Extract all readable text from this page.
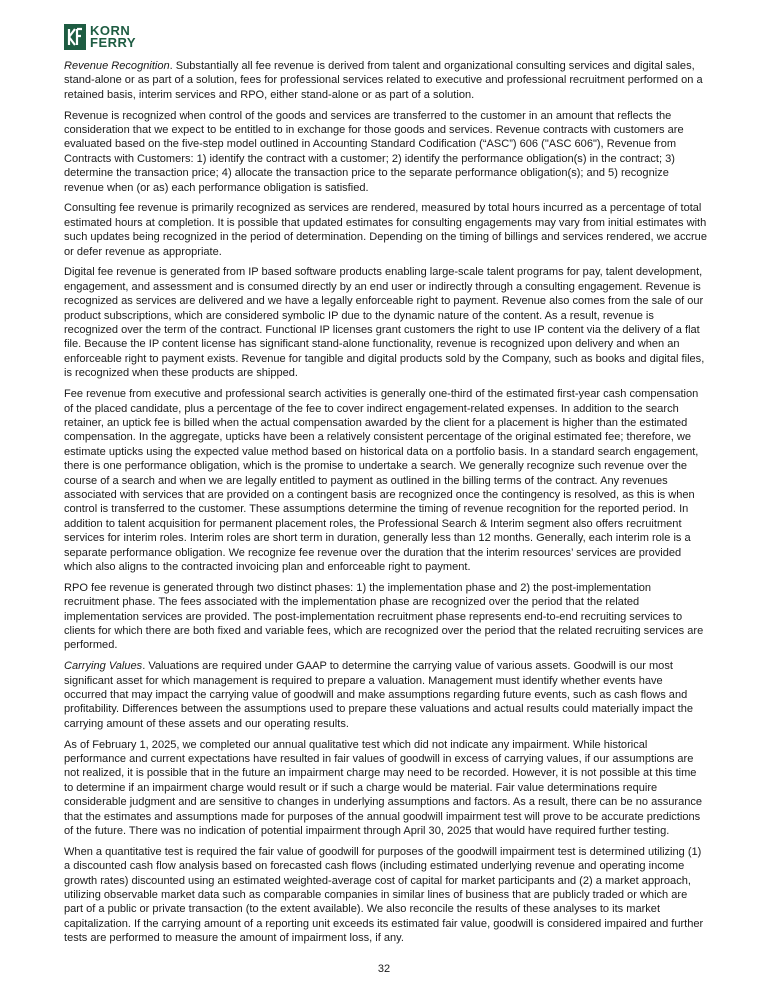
KORN
FERRY

Revenue Recognition. Substantially all fee revenue is derived from talent and organizational consulting services and digital sales, stand-alone or as part of a solution, fees for professional services related to executive and professional recruitment performed on a retained basis, interim services and RPO, either stand-alone or as part of a solution.

Revenue is recognized when control of the goods and services are transferred to the customer in an amount that reflects the consideration that we expect to be entitled to in exchange for those goods and services. Revenue contracts with customers are evaluated based on the five-step model outlined in Accounting Standard Codification (“ASC”) 606 ("ASC 606"), Revenue from Contracts with Customers: 1) identify the contract with a customer; 2) identify the performance obligation(s) in the contract; 3) determine the transaction price; 4) allocate the transaction price to the separate performance obligation(s); and 5) recognize revenue when (or as) each performance obligation is satisfied.

Consulting fee revenue is primarily recognized as services are rendered, measured by total hours incurred as a percentage of total estimated hours at completion. It is possible that updated estimates for consulting engagements may vary from initial estimates with such updates being recognized in the period of determination. Depending on the timing of billings and services rendered, we accrue or defer revenue as appropriate.

Digital fee revenue is generated from IP based software products enabling large-scale talent programs for pay, talent development, engagement, and assessment and is consumed directly by an end user or indirectly through a consulting engagement. Revenue is recognized as services are delivered and we have a legally enforceable right to payment. Revenue also comes from the sale of our product subscriptions, which are considered symbolic IP due to the dynamic nature of the content. As a result, revenue is recognized over the term of the contract. Functional IP licenses grant customers the right to use IP content via the delivery of a flat file. Because the IP content license has significant stand-alone functionality, revenue is recognized upon delivery and when an enforceable right to payment exists. Revenue for tangible and digital products sold by the Company, such as books and digital files, is recognized when these products are shipped.

Fee revenue from executive and professional search activities is generally one-third of the estimated first-year cash compensation of the placed candidate, plus a percentage of the fee to cover indirect engagement-related expenses. In addition to the search retainer, an uptick fee is billed when the actual compensation awarded by the client for a placement is higher than the estimated compensation. In the aggregate, upticks have been a relatively consistent percentage of the original estimated fee; therefore, we estimate upticks using the expected value method based on historical data on a portfolio basis. In a standard search engagement, there is one performance obligation, which is the promise to undertake a search. We generally recognize such revenue over the course of a search and when we are legally entitled to payment as outlined in the billing terms of the contract. Any revenues associated with services that are provided on a contingent basis are recognized once the contingency is resolved, as this is when control is transferred to the customer. These assumptions determine the timing of revenue recognition for the reported period. In addition to talent acquisition for permanent placement roles, the Professional Search & Interim segment also offers recruitment services for interim roles. Interim roles are short term in duration, generally less than 12 months. Generally, each interim role is a separate performance obligation. We recognize fee revenue over the duration that the interim resources’ services are provided which also aligns to the contracted invoicing plan and enforceable right to payment.

RPO fee revenue is generated through two distinct phases: 1) the implementation phase and 2) the post-implementation recruitment phase. The fees associated with the implementation phase are recognized over the period that the related implementation services are provided. The post-implementation recruitment phase represents end-to-end recruiting services to clients for which there are both fixed and variable fees, which are recognized over the period that the related recruiting services are performed.

Carrying Values. Valuations are required under GAAP to determine the carrying value of various assets. Goodwill is our most significant asset for which management is required to prepare a valuation. Management must identify whether events have occurred that may impact the carrying value of goodwill and make assumptions regarding future events, such as cash flows and profitability. Differences between the assumptions used to prepare these valuations and actual results could materially impact the carrying amount of these assets and our operating results.

As of February 1, 2025, we completed our annual qualitative test which did not indicate any impairment. While historical performance and current expectations have resulted in fair values of goodwill in excess of carrying values, if our assumptions are not realized, it is possible that in the future an impairment charge may need to be recorded. However, it is not possible at this time to determine if an impairment charge would result or if such a charge would be material. Fair value determinations require considerable judgment and are sensitive to changes in underlying assumptions and factors. As a result, there can be no assurance that the estimates and assumptions made for purposes of the annual goodwill impairment test will prove to be accurate predictions of the future. There was no indication of potential impairment through April 30, 2025 that would have required further testing.

When a quantitative test is required the fair value of goodwill for purposes of the goodwill impairment test is determined utilizing (1) a discounted cash flow analysis based on forecasted cash flows (including estimated underlying revenue and operating income growth rates) discounted using an estimated weighted-average cost of capital for market participants and (2) a market approach, utilizing observable market data such as comparable companies in similar lines of business that are publicly traded or which are part of a public or private transaction (to the extent available). We also reconcile the results of these analyses to its market capitalization. If the carrying amount of a reporting unit exceeds its estimated fair value, goodwill is considered impaired and further tests are performed to measure the amount of impairment loss, if any.

32
